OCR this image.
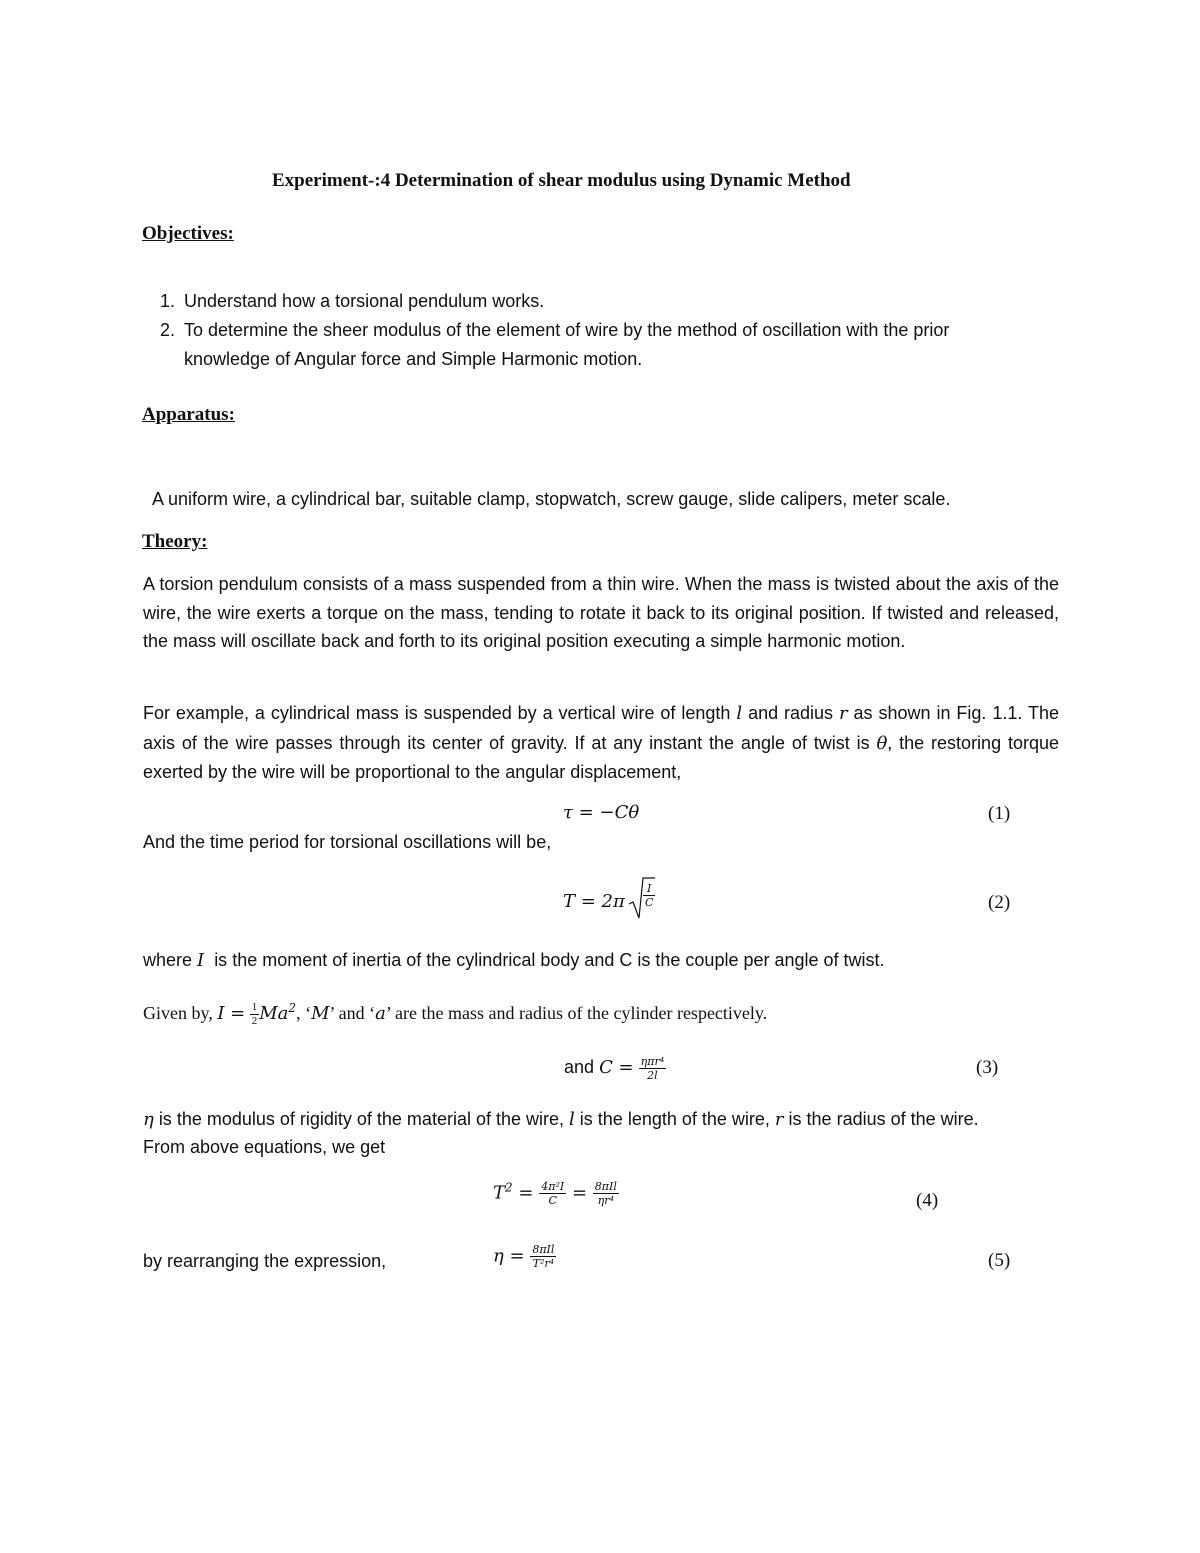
Experiment-:4 Determination of shear modulus using Dynamic Method
Objectives:
1. Understand how a torsional pendulum works.
2. To determine the sheer modulus of the element of wire by the method of oscillation with the prior
knowledge of Angular force and Simple Harmonic motion.
Apparatus:
A uniform wire, a cylindrical bar, suitable clamp, stopwatch, screw gauge, slide calipers, meter scale.
Theory:
A torsion pendulum consists of a mass suspended from a thin wire. When the mass is twisted about the axis of the wire, the wire exerts a torque on the mass, tending to rotate it back to its original position. If twisted and released, the mass will oscillate back and forth to its original position executing a simple harmonic motion.
For example, a cylindrical mass is suspended by a vertical wire of length l and radius r as shown in Fig. 1.1. The axis of the wire passes through its center of gravity. If at any instant the angle of twist is θ, the restoring torque exerted by the wire will be proportional to the angular displacement,
τ = −Cθ	(1)
And the time period for torsional oscillations will be,
$T = 2\pi \frac{I}{C}$	(2)
where I is the moment of inertia of the cylindrical body and C is the couple per angle of twist.
Given by, $I = \frac{1}{2} Ma^2$, ‘M’ and ‘a’ are the mass and radius of the cylinder respectively.
and $C = \frac{\text{ηπr⁴}}{2l}$	(3)
η is the modulus of rigidity of the material of the wire, l is the length of the wire, r is the radius of the wire.
From above equations, we get
$T^2 = \frac{\text{4π²I}}{C} = \frac{\text{8πIl}}{\text{ηr⁴}}$	(4)
by rearranging the expression,	$\eta = \frac{\text{8πIl}}{\text{T²r⁴}}$	(5)
